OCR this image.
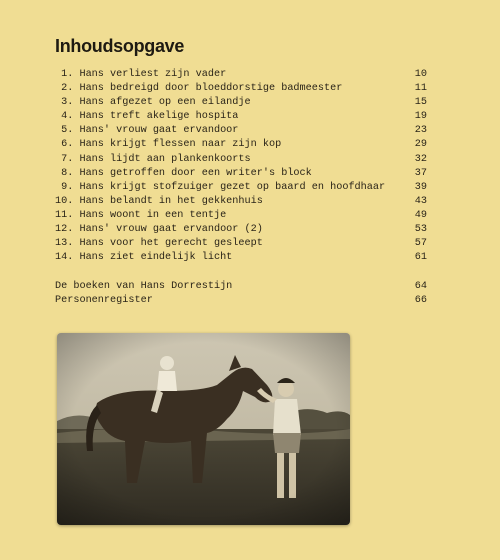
Inhoudsopgave
1. Hans verliest zijn vader	10
2. Hans bedreigd door bloeddorstige badmeester	11
3. Hans afgezet op een eilandje	15
4. Hans treft akelige hospita	19
5. Hans' vrouw gaat ervandoor	23
6. Hans krijgt flessen naar zijn kop	29
7. Hans lijdt aan plankenkoorts	32
8. Hans getroffen door een writer's block	37
9. Hans krijgt stofzuiger gezet op baard en hoofdhaar	39
10. Hans belandt in het gekkenhuis	43
11. Hans woont in een tentje	49
12. Hans' vrouw gaat ervandoor (2)	53
13. Hans voor het gerecht gesleept	57
14. Hans ziet eindelijk licht	61
De boeken van Hans Dorrestijn	64
Personenregister	66
